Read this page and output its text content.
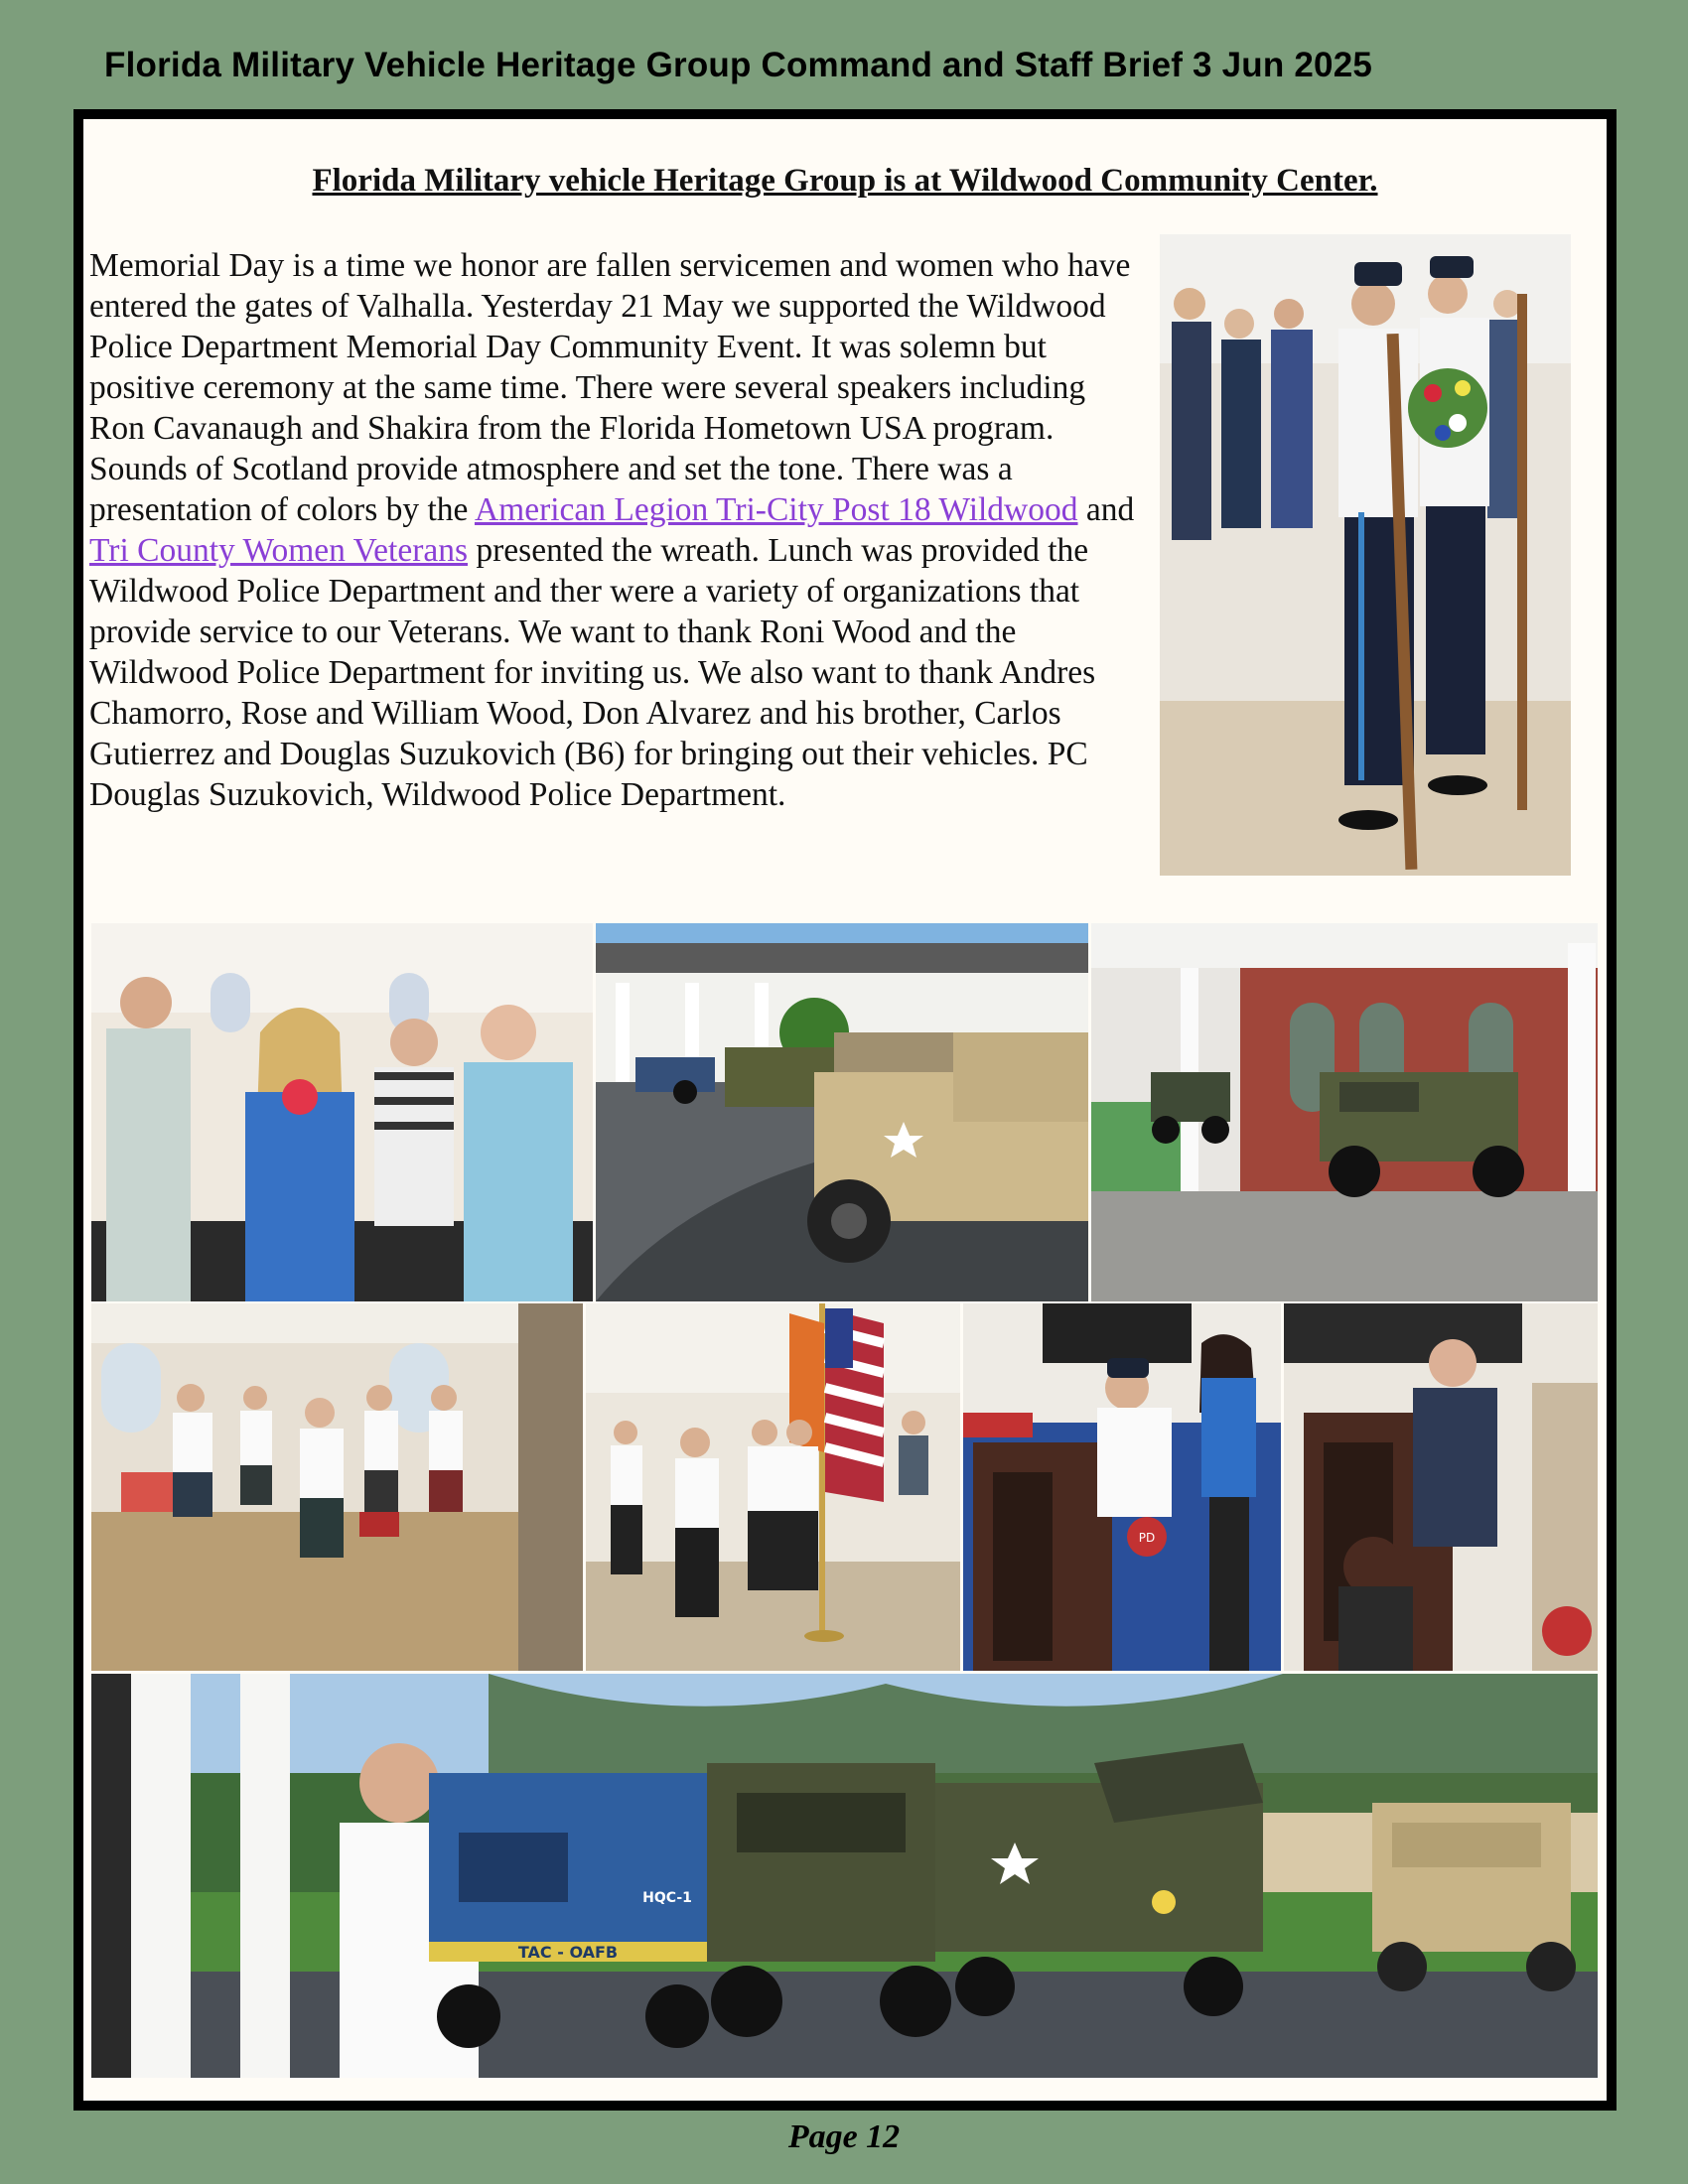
Florida Military Vehicle Heritage Group Command and Staff Brief 3 Jun 2025
Florida Military vehicle Heritage Group is at Wildwood Community Center.

Memorial Day is a time we honor are fallen servicemen and women who have entered the gates of Valhalla. Yesterday 21 May we supported the Wildwood Police Department Memorial Day Community Event. It was solemn but positive ceremony at the same time. There were several speakers including Ron Cavanaugh and Shakira from the Florida Hometown USA program. Sounds of Scotland provide atmosphere and set the tone. There was a presentation of colors by the American Legion Tri-City Post 18 Wildwood and Tri County Women Veterans presented the wreath. Lunch was provided the Wildwood Police Department and ther were a variety of organizations that provide service to our Veterans. We want to thank Roni Wood and the Wildwood Police Department for inviting us. We also want to thank Andres Chamorro, Rose and William Wood, Don Alvarez and his brother, Carlos Gutierrez and Douglas Suzukovich (B6) for bringing out their vehicles. PC Douglas Suzukovich, Wildwood Police Department.

PD
TAC - OAFB
HQC-1
Page 12
